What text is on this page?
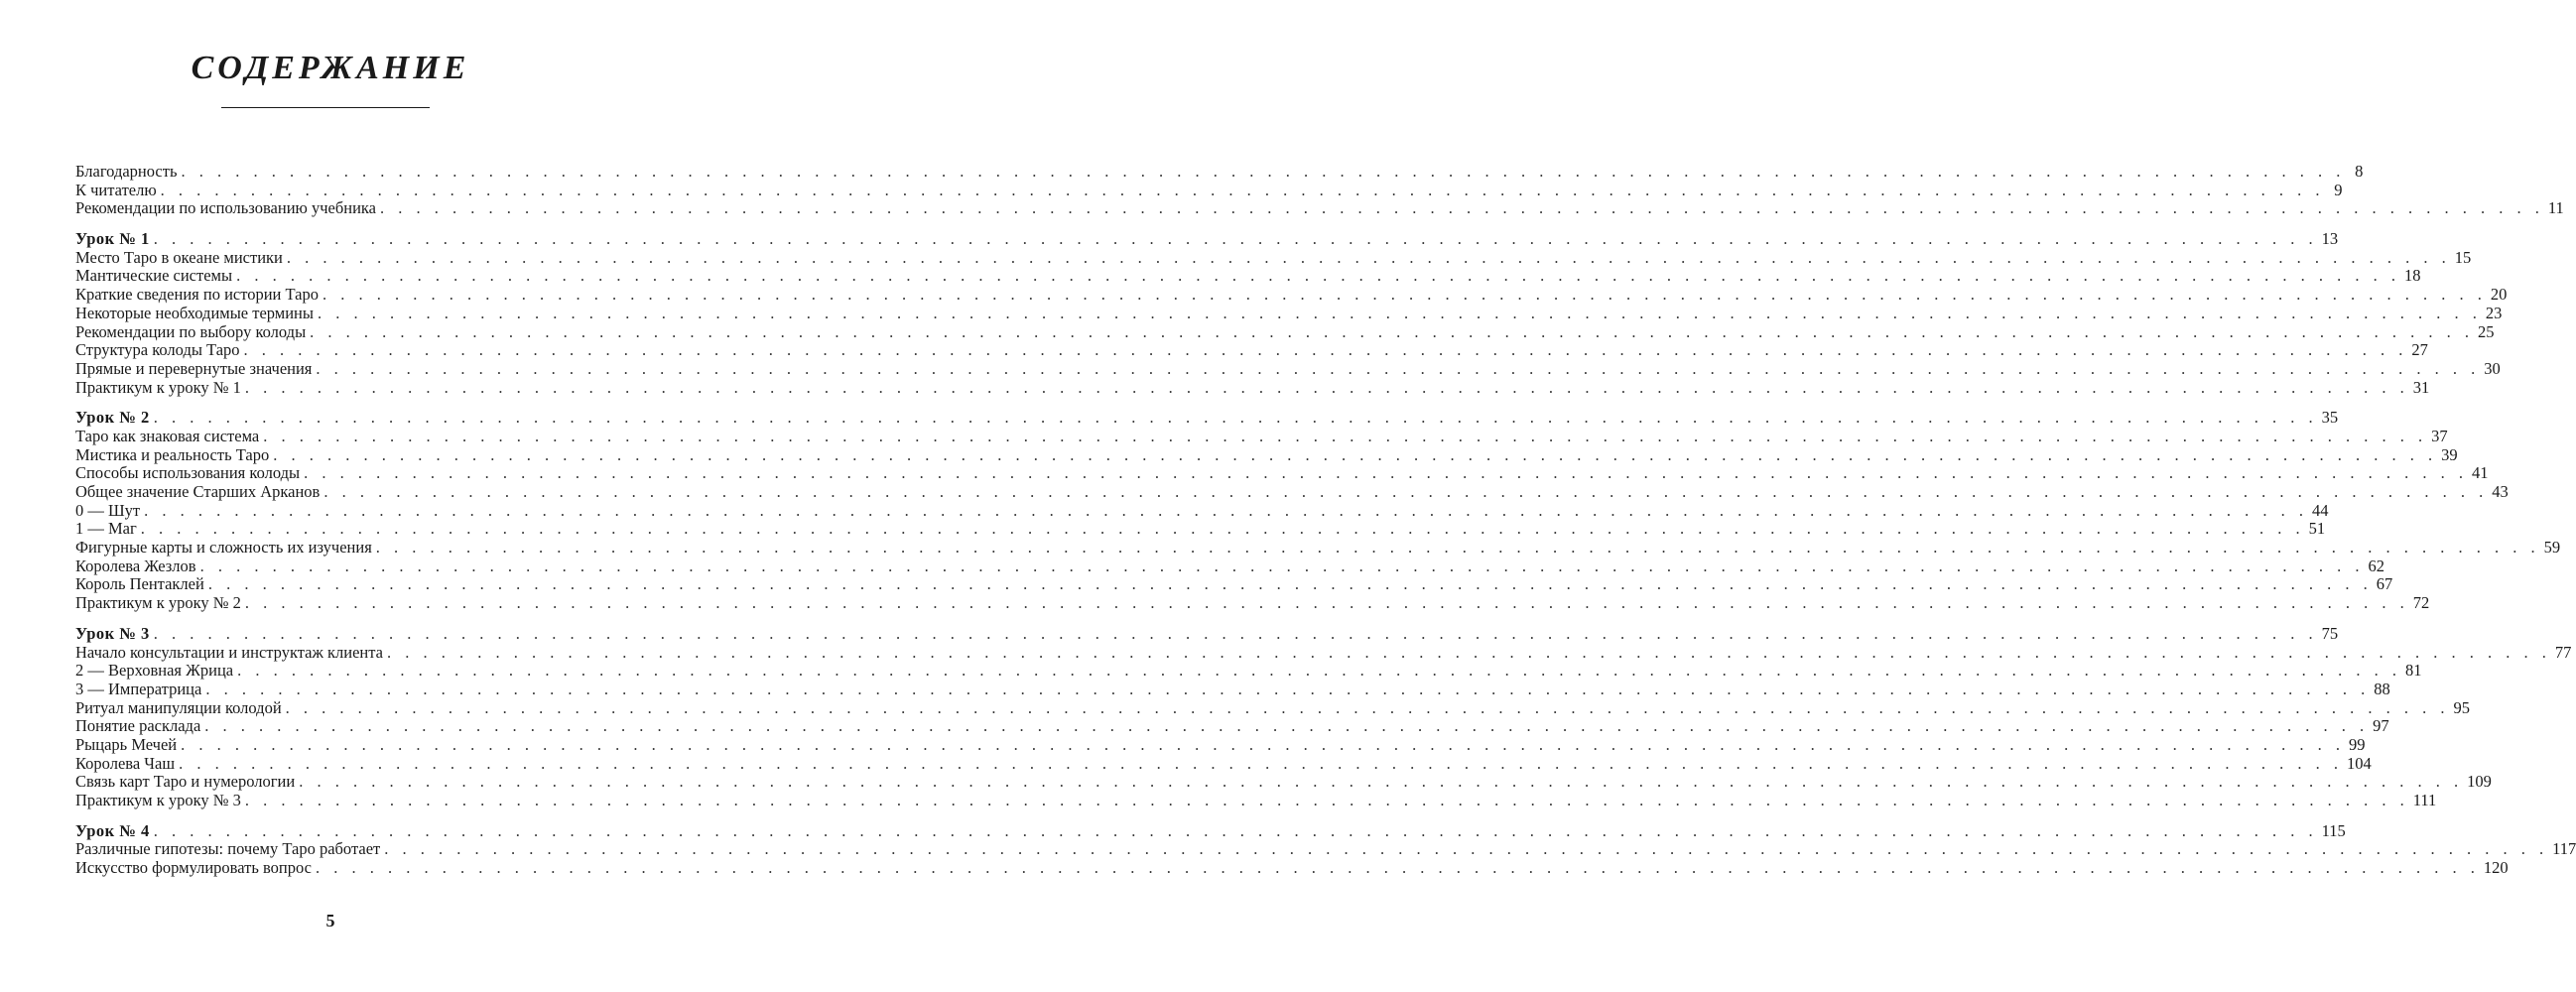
СОДЕРЖАНИЕ
Благодарность . . . . . . . . . . . . . . . . . . . . . . . . . . . . . . . . . . . . . . . . . . . . . . . . . . . . . . . . . . . . . . . . . . . . . . . . . . . . . . . . . . . . . . . . . . . . . . . . . . . . . . . . . . . . . . . . . . . . . . . . 8
К читателю . . . . . . . . . . . . . . . . . . . . . . . . . . . . . . . . . . . . . . . . . . . . . . . . . . . . . . . . . . . . . . . . . . . . . . . . . . . . . . . . . . . . . . . . . . . . . . . . . . . . . . . . . . . . . . . . . . . . . . . . 9
Рекомендации по использованию учебника . . . . . . . . . . . . . . . . . . . . . . . . . . . . . . . . . . . . . . . . . . . . . . . . . . . . . . . . . . . . . . . . . . . . . . . . . . . . . . . . . . . . . . . . . . . . . . . . . . . . . . . . . . . . . . . . . . . . . . . . 11
Урок № 1 . . . . . . . . . . . . . . . . . . . . . . . . . . . . . . . . . . . . . . . . . . . . . . . . . . . . . . . . . . . . . . . . . . . . . . . . . . . . . . . . . . . . . . . . . . . . . . . . . . . . . . . . . . . . . . . . . . . . . . . . 13
Место Таро в океане мистики . . . . . . . . . . . . . . . . . . . . . . . . . . . . . . . . . . . . . . . . . . . . . . . . . . . . . . . . . . . . . . . . . . . . . . . . . . . . . . . . . . . . . . . . . . . . . . . . . . . . . . . . . . . . . . . . . . . . . . . . 15
Мантические системы . . . . . . . . . . . . . . . . . . . . . . . . . . . . . . . . . . . . . . . . . . . . . . . . . . . . . . . . . . . . . . . . . . . . . . . . . . . . . . . . . . . . . . . . . . . . . . . . . . . . . . . . . . . . . . . . . . . . . . . . 18
Краткие сведения по истории Таро . . . . . . . . . . . . . . . . . . . . . . . . . . . . . . . . . . . . . . . . . . . . . . . . . . . . . . . . . . . . . . . . . . . . . . . . . . . . . . . . . . . . . . . . . . . . . . . . . . . . . . . . . . . . . . . . . . . . . . . . 20
Некоторые необходимые термины . . . . . . . . . . . . . . . . . . . . . . . . . . . . . . . . . . . . . . . . . . . . . . . . . . . . . . . . . . . . . . . . . . . . . . . . . . . . . . . . . . . . . . . . . . . . . . . . . . . . . . . . . . . . . . . . . . . . . . . . 23
Рекомендации по выбору колоды . . . . . . . . . . . . . . . . . . . . . . . . . . . . . . . . . . . . . . . . . . . . . . . . . . . . . . . . . . . . . . . . . . . . . . . . . . . . . . . . . . . . . . . . . . . . . . . . . . . . . . . . . . . . . . . . . . . . . . . . 25
Структура колоды Таро . . . . . . . . . . . . . . . . . . . . . . . . . . . . . . . . . . . . . . . . . . . . . . . . . . . . . . . . . . . . . . . . . . . . . . . . . . . . . . . . . . . . . . . . . . . . . . . . . . . . . . . . . . . . . . . . . . . . . . . . 27
Прямые и перевернутые значения . . . . . . . . . . . . . . . . . . . . . . . . . . . . . . . . . . . . . . . . . . . . . . . . . . . . . . . . . . . . . . . . . . . . . . . . . . . . . . . . . . . . . . . . . . . . . . . . . . . . . . . . . . . . . . . . . . . . . . . . 30
Практикум к уроку № 1 . . . . . . . . . . . . . . . . . . . . . . . . . . . . . . . . . . . . . . . . . . . . . . . . . . . . . . . . . . . . . . . . . . . . . . . . . . . . . . . . . . . . . . . . . . . . . . . . . . . . . . . . . . . . . . . . . . . . . . . . 31
Урок № 2 . . . . . . . . . . . . . . . . . . . . . . . . . . . . . . . . . . . . . . . . . . . . . . . . . . . . . . . . . . . . . . . . . . . . . . . . . . . . . . . . . . . . . . . . . . . . . . . . . . . . . . . . . . . . . . . . . . . . . . . . 35
Таро как знаковая система . . . . . . . . . . . . . . . . . . . . . . . . . . . . . . . . . . . . . . . . . . . . . . . . . . . . . . . . . . . . . . . . . . . . . . . . . . . . . . . . . . . . . . . . . . . . . . . . . . . . . . . . . . . . . . . . . . . . . . . . 37
Мистика и реальность Таро . . . . . . . . . . . . . . . . . . . . . . . . . . . . . . . . . . . . . . . . . . . . . . . . . . . . . . . . . . . . . . . . . . . . . . . . . . . . . . . . . . . . . . . . . . . . . . . . . . . . . . . . . . . . . . . . . . . . . . . . 39
Способы использования колоды . . . . . . . . . . . . . . . . . . . . . . . . . . . . . . . . . . . . . . . . . . . . . . . . . . . . . . . . . . . . . . . . . . . . . . . . . . . . . . . . . . . . . . . . . . . . . . . . . . . . . . . . . . . . . . . . . . . . . . . . 41
Общее значение Старших Арканов . . . . . . . . . . . . . . . . . . . . . . . . . . . . . . . . . . . . . . . . . . . . . . . . . . . . . . . . . . . . . . . . . . . . . . . . . . . . . . . . . . . . . . . . . . . . . . . . . . . . . . . . . . . . . . . . . . . . . . . . 43
0 — Шут . . . . . . . . . . . . . . . . . . . . . . . . . . . . . . . . . . . . . . . . . . . . . . . . . . . . . . . . . . . . . . . . . . . . . . . . . . . . . . . . . . . . . . . . . . . . . . . . . . . . . . . . . . . . . . . . . . . . . . . . 44
1 — Маг . . . . . . . . . . . . . . . . . . . . . . . . . . . . . . . . . . . . . . . . . . . . . . . . . . . . . . . . . . . . . . . . . . . . . . . . . . . . . . . . . . . . . . . . . . . . . . . . . . . . . . . . . . . . . . . . . . . . . . . . 51
Фигурные карты и сложность их изучения . . . . . . . . . . . . . . . . . . . . . . . . . . . . . . . . . . . . . . . . . . . . . . . . . . . . . . . . . . . . . . . . . . . . . . . . . . . . . . . . . . . . . . . . . . . . . . . . . . . . . . . . . . . . . . . . . . . . . . . . 59
Королева Жезлов . . . . . . . . . . . . . . . . . . . . . . . . . . . . . . . . . . . . . . . . . . . . . . . . . . . . . . . . . . . . . . . . . . . . . . . . . . . . . . . . . . . . . . . . . . . . . . . . . . . . . . . . . . . . . . . . . . . . . . . . 62
Король Пентаклей . . . . . . . . . . . . . . . . . . . . . . . . . . . . . . . . . . . . . . . . . . . . . . . . . . . . . . . . . . . . . . . . . . . . . . . . . . . . . . . . . . . . . . . . . . . . . . . . . . . . . . . . . . . . . . . . . . . . . . . . 67
Практикум к уроку № 2 . . . . . . . . . . . . . . . . . . . . . . . . . . . . . . . . . . . . . . . . . . . . . . . . . . . . . . . . . . . . . . . . . . . . . . . . . . . . . . . . . . . . . . . . . . . . . . . . . . . . . . . . . . . . . . . . . . . . . . . . 72
Урок № 3 . . . . . . . . . . . . . . . . . . . . . . . . . . . . . . . . . . . . . . . . . . . . . . . . . . . . . . . . . . . . . . . . . . . . . . . . . . . . . . . . . . . . . . . . . . . . . . . . . . . . . . . . . . . . . . . . . . . . . . . . 75
Начало консультации и инструктаж клиента . . . . . . . . . . . . . . . . . . . . . . . . . . . . . . . . . . . . . . . . . . . . . . . . . . . . . . . . . . . . . . . . . . . . . . . . . . . . . . . . . . . . . . . . . . . . . . . . . . . . . . . . . . . . . . . . . . . . . . . . 77
2 — Верховная Жрица . . . . . . . . . . . . . . . . . . . . . . . . . . . . . . . . . . . . . . . . . . . . . . . . . . . . . . . . . . . . . . . . . . . . . . . . . . . . . . . . . . . . . . . . . . . . . . . . . . . . . . . . . . . . . . . . . . . . . . . . 81
3 — Императрица . . . . . . . . . . . . . . . . . . . . . . . . . . . . . . . . . . . . . . . . . . . . . . . . . . . . . . . . . . . . . . . . . . . . . . . . . . . . . . . . . . . . . . . . . . . . . . . . . . . . . . . . . . . . . . . . . . . . . . . . 88
Ритуал манипуляции колодой . . . . . . . . . . . . . . . . . . . . . . . . . . . . . . . . . . . . . . . . . . . . . . . . . . . . . . . . . . . . . . . . . . . . . . . . . . . . . . . . . . . . . . . . . . . . . . . . . . . . . . . . . . . . . . . . . . . . . . . . 95
Понятие расклада . . . . . . . . . . . . . . . . . . . . . . . . . . . . . . . . . . . . . . . . . . . . . . . . . . . . . . . . . . . . . . . . . . . . . . . . . . . . . . . . . . . . . . . . . . . . . . . . . . . . . . . . . . . . . . . . . . . . . . . . 97
Рыцарь Мечей . . . . . . . . . . . . . . . . . . . . . . . . . . . . . . . . . . . . . . . . . . . . . . . . . . . . . . . . . . . . . . . . . . . . . . . . . . . . . . . . . . . . . . . . . . . . . . . . . . . . . . . . . . . . . . . . . . . . . . . . 99
Королева Чаш . . . . . . . . . . . . . . . . . . . . . . . . . . . . . . . . . . . . . . . . . . . . . . . . . . . . . . . . . . . . . . . . . . . . . . . . . . . . . . . . . . . . . . . . . . . . . . . . . . . . . . . . . . . . . . . . . . . . . . . . 104
Связь карт Таро и нумерологии . . . . . . . . . . . . . . . . . . . . . . . . . . . . . . . . . . . . . . . . . . . . . . . . . . . . . . . . . . . . . . . . . . . . . . . . . . . . . . . . . . . . . . . . . . . . . . . . . . . . . . . . . . . . . . . . . . . . . . . . 109
Практикум к уроку № 3 . . . . . . . . . . . . . . . . . . . . . . . . . . . . . . . . . . . . . . . . . . . . . . . . . . . . . . . . . . . . . . . . . . . . . . . . . . . . . . . . . . . . . . . . . . . . . . . . . . . . . . . . . . . . . . . . . . . . . . . . 111
Урок № 4 . . . . . . . . . . . . . . . . . . . . . . . . . . . . . . . . . . . . . . . . . . . . . . . . . . . . . . . . . . . . . . . . . . . . . . . . . . . . . . . . . . . . . . . . . . . . . . . . . . . . . . . . . . . . . . . . . . . . . . . . 115
Различные гипотезы: почему Таро работает . . . . . . . . . . . . . . . . . . . . . . . . . . . . . . . . . . . . . . . . . . . . . . . . . . . . . . . . . . . . . . . . . . . . . . . . . . . . . . . . . . . . . . . . . . . . . . . . . . . . . . . . . . . . . . . . . . . . . . . . 117
Искусство формулировать вопрос . . . . . . . . . . . . . . . . . . . . . . . . . . . . . . . . . . . . . . . . . . . . . . . . . . . . . . . . . . . . . . . . . . . . . . . . . . . . . . . . . . . . . . . . . . . . . . . . . . . . . . . . . . . . . . . . . . . . . . . . 120
5
